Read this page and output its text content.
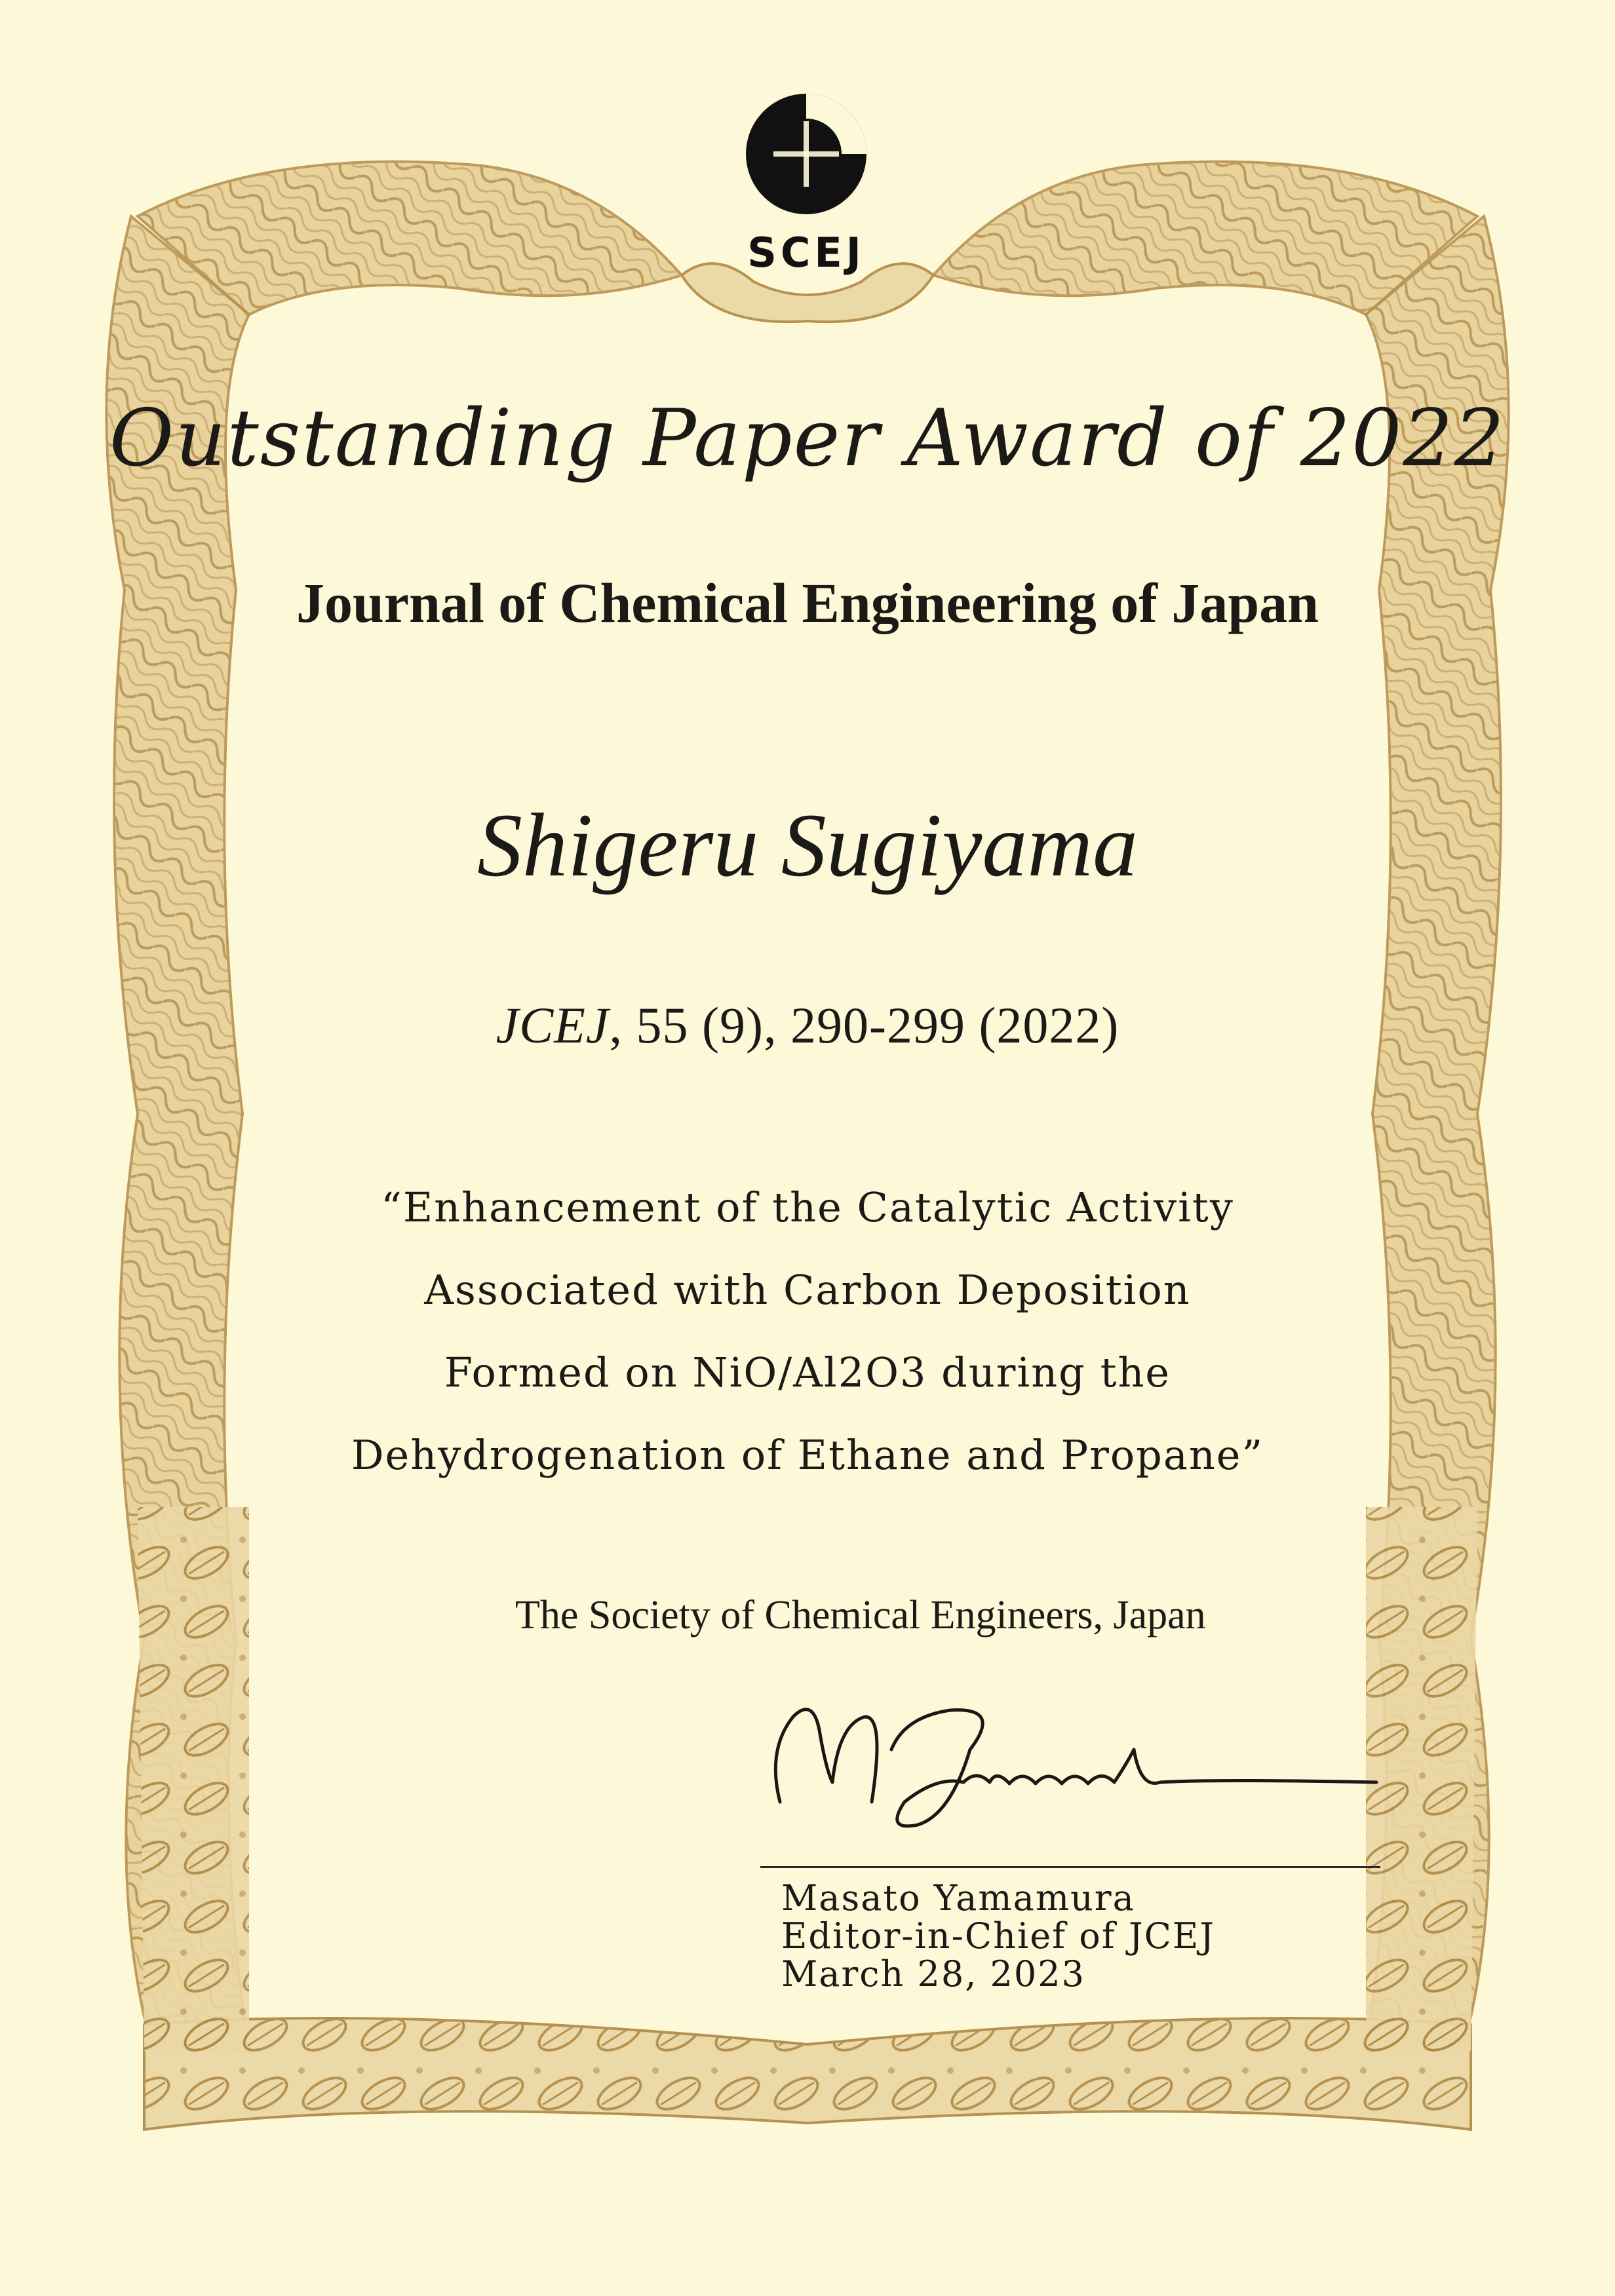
SCEJ
Outstanding Paper Award of 2022
Journal of Chemical Engineering of Japan
Shigeru Sugiyama
JCEJ, 55 (9), 290-299 (2022)
“Enhancement of the Catalytic Activity
Associated with Carbon Deposition
Formed on NiO/Al2O3 during the
Dehydrogenation of Ethane and Propane”
The Society of Chemical Engineers, Japan
Masato Yamamura
Editor-in-Chief of JCEJ
March 28, 2023
